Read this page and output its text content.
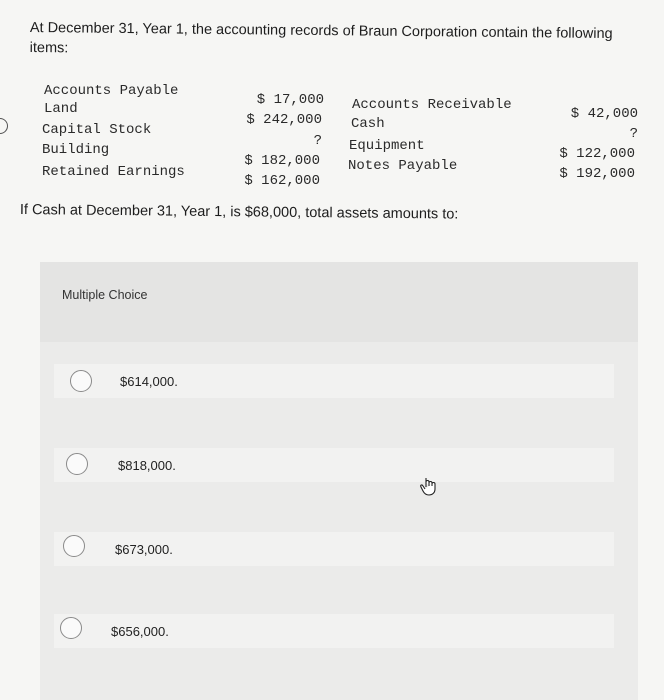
At December 31, Year 1, the accounting records of Braun Corporation contain the following items:
Accounts Payable
Land
Capital Stock
Building
Retained Earnings
$ 17,000
$ 242,000
?
$ 182,000
$ 162,000
Accounts Receivable
Cash
Equipment
Notes Payable
$ 42,000
?
$ 122,000
$ 192,000
If Cash at December 31, Year 1, is $68,000, total assets amounts to:
Multiple Choice
$614,000.
$818,000.
$673,000.
$656,000.
